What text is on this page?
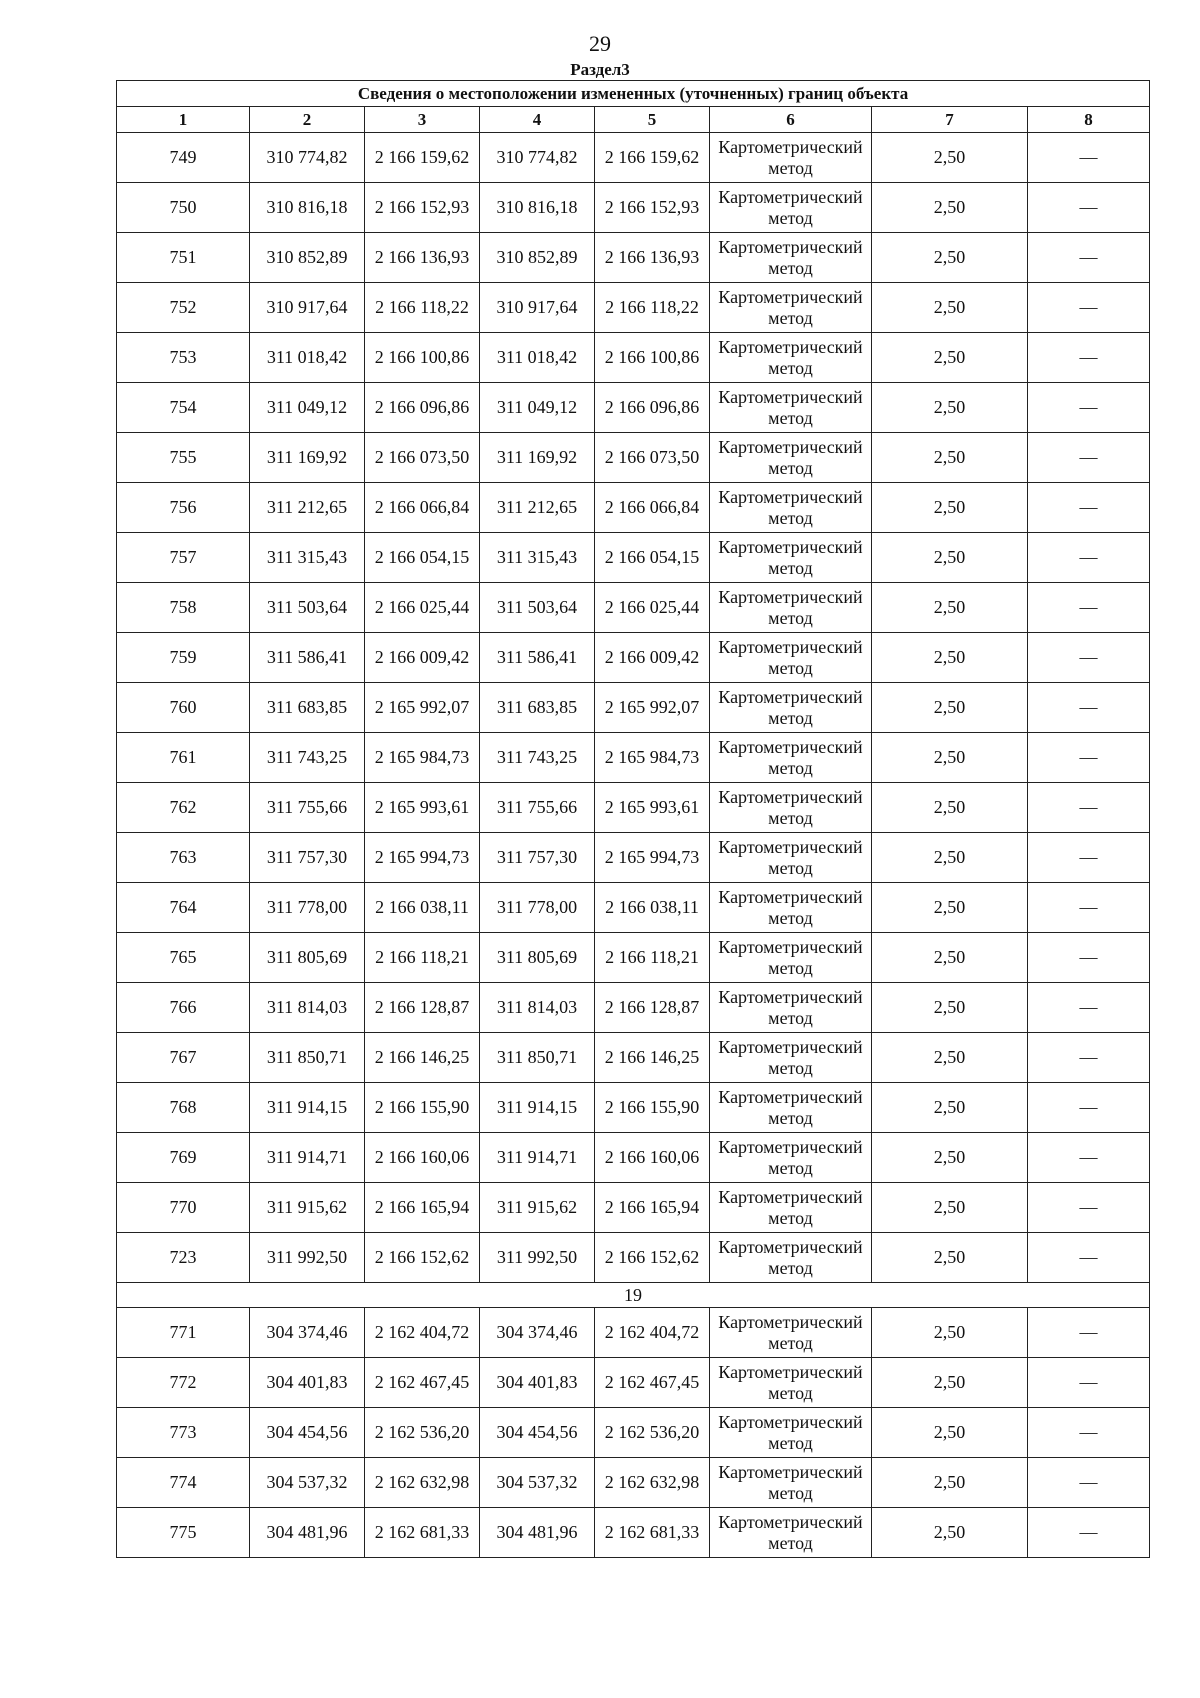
29
Раздел3
Сведения о местоположении измененных (уточненных) границ объекта							
1	2	3	4	5	6	7	8
749	310 774,82	2 166 159,62	310 774,82	2 166 159,62	Картометрический метод	2,50	—
750	310 816,18	2 166 152,93	310 816,18	2 166 152,93	Картометрический метод	2,50	—
751	310 852,89	2 166 136,93	310 852,89	2 166 136,93	Картометрический метод	2,50	—
752	310 917,64	2 166 118,22	310 917,64	2 166 118,22	Картометрический метод	2,50	—
753	311 018,42	2 166 100,86	311 018,42	2 166 100,86	Картометрический метод	2,50	—
754	311 049,12	2 166 096,86	311 049,12	2 166 096,86	Картометрический метод	2,50	—
755	311 169,92	2 166 073,50	311 169,92	2 166 073,50	Картометрический метод	2,50	—
756	311 212,65	2 166 066,84	311 212,65	2 166 066,84	Картометрический метод	2,50	—
757	311 315,43	2 166 054,15	311 315,43	2 166 054,15	Картометрический метод	2,50	—
758	311 503,64	2 166 025,44	311 503,64	2 166 025,44	Картометрический метод	2,50	—
759	311 586,41	2 166 009,42	311 586,41	2 166 009,42	Картометрический метод	2,50	—
760	311 683,85	2 165 992,07	311 683,85	2 165 992,07	Картометрический метод	2,50	—
761	311 743,25	2 165 984,73	311 743,25	2 165 984,73	Картометрический метод	2,50	—
762	311 755,66	2 165 993,61	311 755,66	2 165 993,61	Картометрический метод	2,50	—
763	311 757,30	2 165 994,73	311 757,30	2 165 994,73	Картометрический метод	2,50	—
764	311 778,00	2 166 038,11	311 778,00	2 166 038,11	Картометрический метод	2,50	—
765	311 805,69	2 166 118,21	311 805,69	2 166 118,21	Картометрический метод	2,50	—
766	311 814,03	2 166 128,87	311 814,03	2 166 128,87	Картометрический метод	2,50	—
767	311 850,71	2 166 146,25	311 850,71	2 166 146,25	Картометрический метод	2,50	—
768	311 914,15	2 166 155,90	311 914,15	2 166 155,90	Картометрический метод	2,50	—
769	311 914,71	2 166 160,06	311 914,71	2 166 160,06	Картометрический метод	2,50	—
770	311 915,62	2 166 165,94	311 915,62	2 166 165,94	Картометрический метод	2,50	—
723	311 992,50	2 166 152,62	311 992,50	2 166 152,62	Картометрический метод	2,50	—
19							
771	304 374,46	2 162 404,72	304 374,46	2 162 404,72	Картометрический метод	2,50	—
772	304 401,83	2 162 467,45	304 401,83	2 162 467,45	Картометрический метод	2,50	—
773	304 454,56	2 162 536,20	304 454,56	2 162 536,20	Картометрический метод	2,50	—
774	304 537,32	2 162 632,98	304 537,32	2 162 632,98	Картометрический метод	2,50	—
775	304 481,96	2 162 681,33	304 481,96	2 162 681,33	Картометрический метод	2,50	—
